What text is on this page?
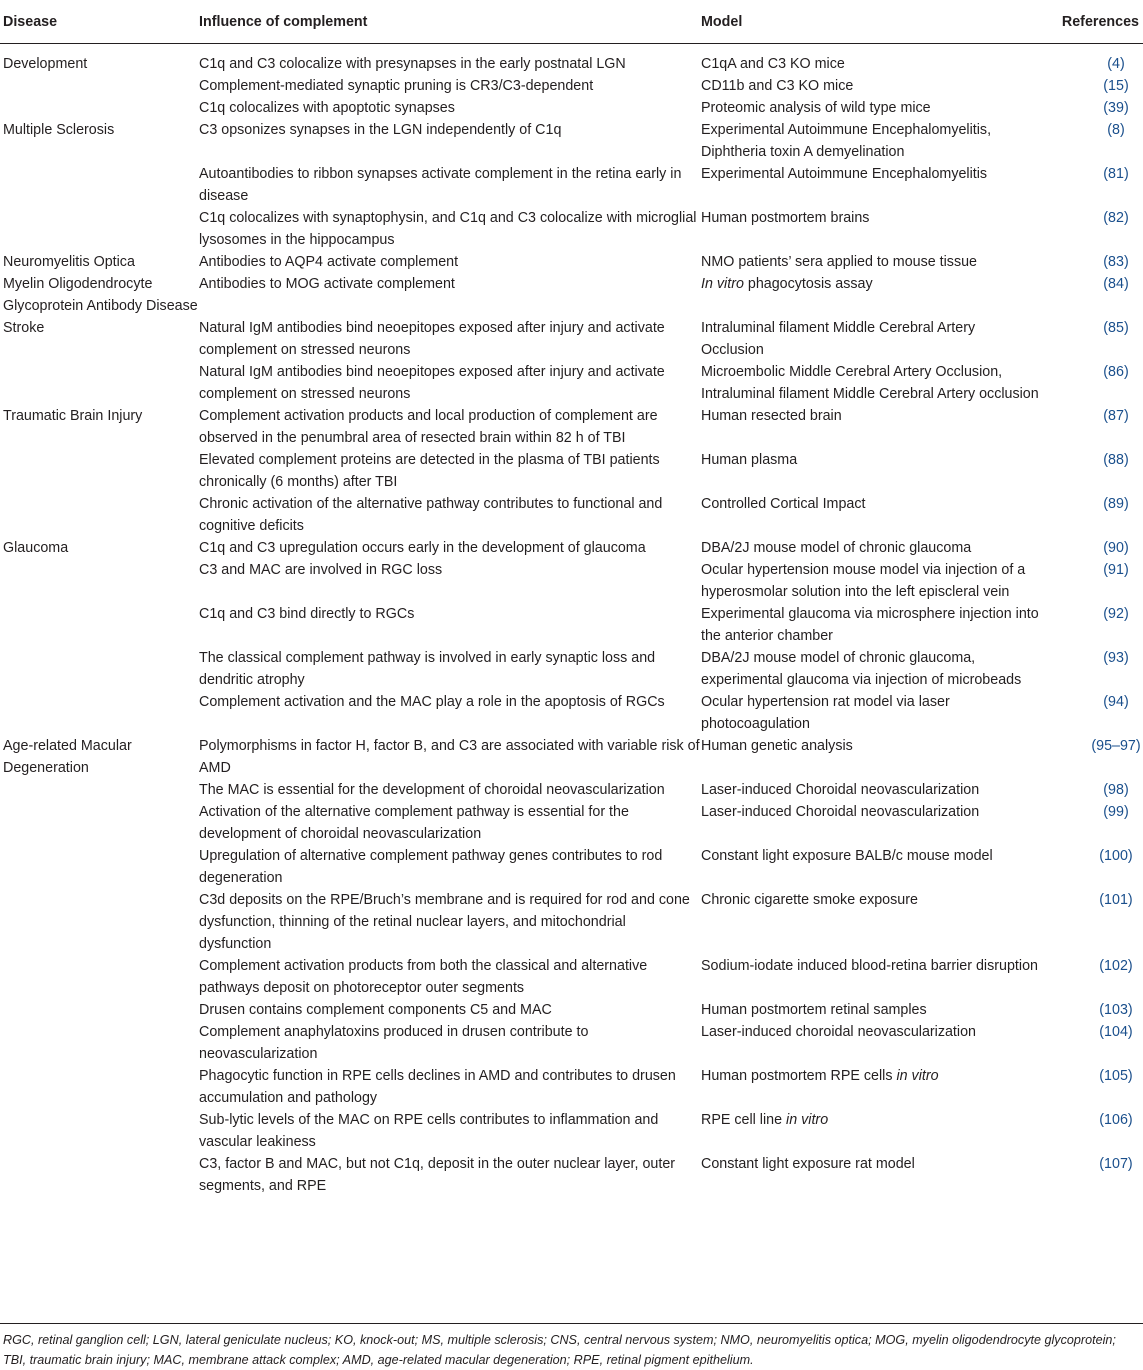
Disease	Influence of complement	Model	References
Development	C1q and C3 colocalize with presynapses in the early postnatal LGN	C1qA and C3 KO mice	(4)
	Complement-mediated synaptic pruning is CR3/C3-dependent	CD11b and C3 KO mice	(15)
	C1q colocalizes with apoptotic synapses	Proteomic analysis of wild type mice	(39)
Multiple Sclerosis	C3 opsonizes synapses in the LGN independently of C1q	Experimental Autoimmune Encephalomyelitis, Diphtheria toxin A demyelination	(8)
	Autoantibodies to ribbon synapses activate complement in the retina early in disease	Experimental Autoimmune Encephalomyelitis	(81)
	C1q colocalizes with synaptophysin, and C1q and C3 colocalize with microglial lysosomes in the hippocampus	Human postmortem brains	(82)
Neuromyelitis Optica	Antibodies to AQP4 activate complement	NMO patients’ sera applied to mouse tissue	(83)
Myelin Oligodendrocyte Glycoprotein Antibody Disease	Antibodies to MOG activate complement	In vitro phagocytosis assay	(84)
Stroke	Natural IgM antibodies bind neoepitopes exposed after injury and activate complement on stressed neurons	Intraluminal filament Middle Cerebral Artery Occlusion	(85)
	Natural IgM antibodies bind neoepitopes exposed after injury and activate complement on stressed neurons	Microembolic Middle Cerebral Artery Occlusion, Intraluminal filament Middle Cerebral Artery occlusion	(86)
Traumatic Brain Injury	Complement activation products and local production of complement are observed in the penumbral area of resected brain within 82 h of TBI	Human resected brain	(87)
	Elevated complement proteins are detected in the plasma of TBI patients chronically (6 months) after TBI	Human plasma	(88)
	Chronic activation of the alternative pathway contributes to functional and cognitive deficits	Controlled Cortical Impact	(89)
Glaucoma	C1q and C3 upregulation occurs early in the development of glaucoma	DBA/2J mouse model of chronic glaucoma	(90)
	C3 and MAC are involved in RGC loss	Ocular hypertension mouse model via injection of a hyperosmolar solution into the left episcleral vein	(91)
	C1q and C3 bind directly to RGCs	Experimental glaucoma via microsphere injection into the anterior chamber	(92)
	The classical complement pathway is involved in early synaptic loss and dendritic atrophy	DBA/2J mouse model of chronic glaucoma, experimental glaucoma via injection of microbeads	(93)
	Complement activation and the MAC play a role in the apoptosis of RGCs	Ocular hypertension rat model via laser photocoagulation	(94)
Age-related Macular Degeneration	Polymorphisms in factor H, factor B, and C3 are associated with variable risk of AMD	Human genetic analysis	(95–97)
	The MAC is essential for the development of choroidal neovascularization	Laser-induced Choroidal neovascularization	(98)
	Activation of the alternative complement pathway is essential for the development of choroidal neovascularization	Laser-induced Choroidal neovascularization	(99)
	Upregulation of alternative complement pathway genes contributes to rod degeneration	Constant light exposure BALB/c mouse model	(100)
	C3d deposits on the RPE/Bruch’s membrane and is required for rod and cone dysfunction, thinning of the retinal nuclear layers, and mitochondrial dysfunction	Chronic cigarette smoke exposure	(101)
	Complement activation products from both the classical and alternative pathways deposit on photoreceptor outer segments	Sodium-iodate induced blood-retina barrier disruption	(102)
	Drusen contains complement components C5 and MAC	Human postmortem retinal samples	(103)
	Complement anaphylatoxins produced in drusen contribute to neovascularization	Laser-induced choroidal neovascularization	(104)
	Phagocytic function in RPE cells declines in AMD and contributes to drusen accumulation and pathology	Human postmortem RPE cells in vitro	(105)
	Sub-lytic levels of the MAC on RPE cells contributes to inflammation and vascular leakiness	RPE cell line in vitro	(106)
	C3, factor B and MAC, but not C1q, deposit in the outer nuclear layer, outer segments, and RPE	Constant light exposure rat model	(107)
RGC, retinal ganglion cell; LGN, lateral geniculate nucleus; KO, knock-out; MS, multiple sclerosis; CNS, central nervous system; NMO, neuromyelitis optica; MOG, myelin oligodendrocyte glycoprotein; TBI, traumatic brain injury; MAC, membrane attack complex; AMD, age-related macular degeneration; RPE, retinal pigment epithelium.
